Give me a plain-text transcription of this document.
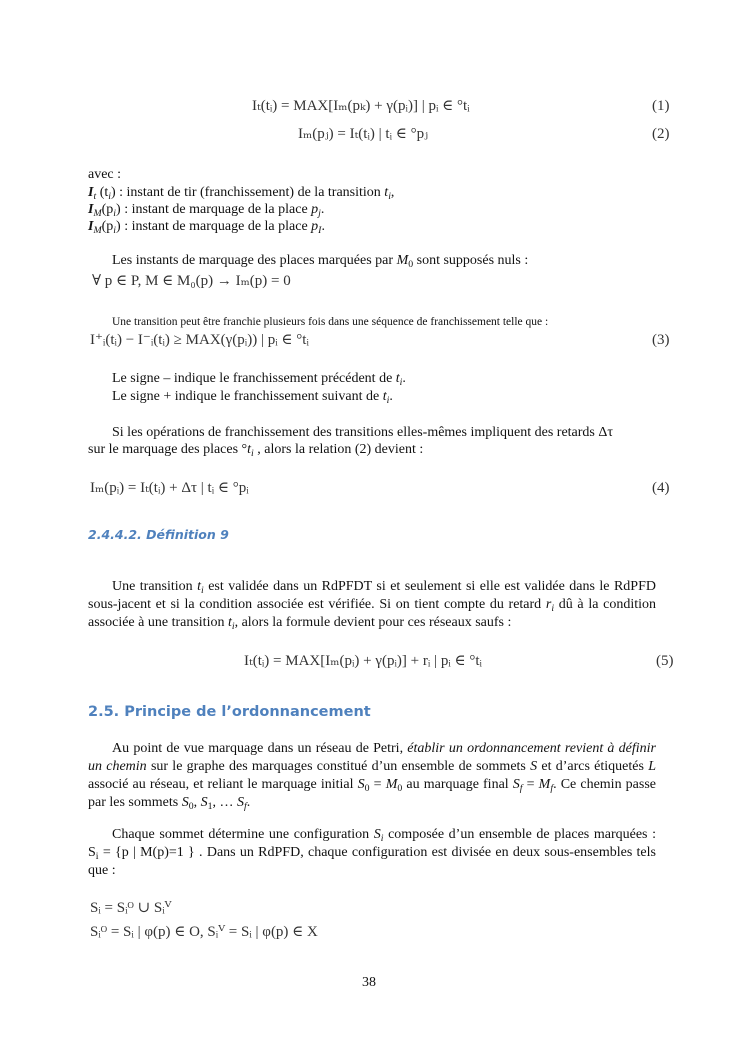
Iₜ(tᵢ) = MAX[Iₘ(pₖ) + γ(pᵢ)] | pᵢ ∈ °tᵢ	(1)
Iₘ(pⱼ) = Iₜ(tᵢ) | tᵢ ∈ °pⱼ	(2)
avec :
$I_t$ $(t_i)$ : instant de tir (franchissement) de la transition $t_i$,
$I_M(p_i)$ : instant de marquage de la place $p_j$.
$I_M(p_i)$ : instant de marquage de la place $p_I$.
Les instants de marquage des places marquées par $M_0$ sont supposés nuls :
∀ p ∈ P, M ∈ M₀(p) → Iₘ(p) = 0
Une transition peut être franchie plusieurs fois dans une séquence de franchissement telle que :
I⁺ᵢ(tᵢ) − I⁻ᵢ(tᵢ) ≥ MAX(γ(pᵢ)) | pᵢ ∈ °tᵢ	(3)
Le signe – indique le franchissement précédent de $t_i$.
Le signe + indique le franchissement suivant de $t_i$.
Si les opérations de franchissement des transitions elles-mêmes impliquent des retards Δτ
sur le marquage des places $^\circ t_i$ , alors la relation (2) devient :
Iₘ(pᵢ) = Iₜ(tᵢ) + Δτ | tᵢ ∈ °pᵢ	(4)
2.4.4.2. Définition 9
Une transition $t_i$ est validée dans un RdPFDT si et seulement si elle est validée dans le RdPFD sous-jacent et si la condition associée est vérifiée. Si on tient compte du retard $r_i$ dû à la condition associée à une transition $t_i$, alors la formule devient pour ces réseaux saufs :
Iₜ(tᵢ) = MAX[Iₘ(pᵢ) + γ(pᵢ)] + rᵢ | pᵢ ∈ °tᵢ	(5)
2.5. Principe de l’ordonnancement
Au point de vue marquage dans un réseau de Petri, établir un ordonnancement revient à définir un chemin sur le graphe des marquages constitué d’un ensemble de sommets S et d’arcs étiquetés L associé au réseau, et reliant le marquage initial $S_0 = M_0$ au marquage final $S_f = M_f$. Ce chemin passe par les sommets $S_0$, $S_1$, … $S_f$.
Chaque sommet détermine une configuration $S_i$ composée d’un ensemble de places marquées : $S_i = \{p$ | M(p)=1 } . Dans un RdPFD, chaque configuration est divisée en deux sous-ensembles tels que :
Sᵢ = Sᵢᴼ ∪ Sᵢⱽ
Sᵢᴼ = Sᵢ | φ(p) ∈ O, Sᵢⱽ = Sᵢ | φ(p) ∈ X
38
